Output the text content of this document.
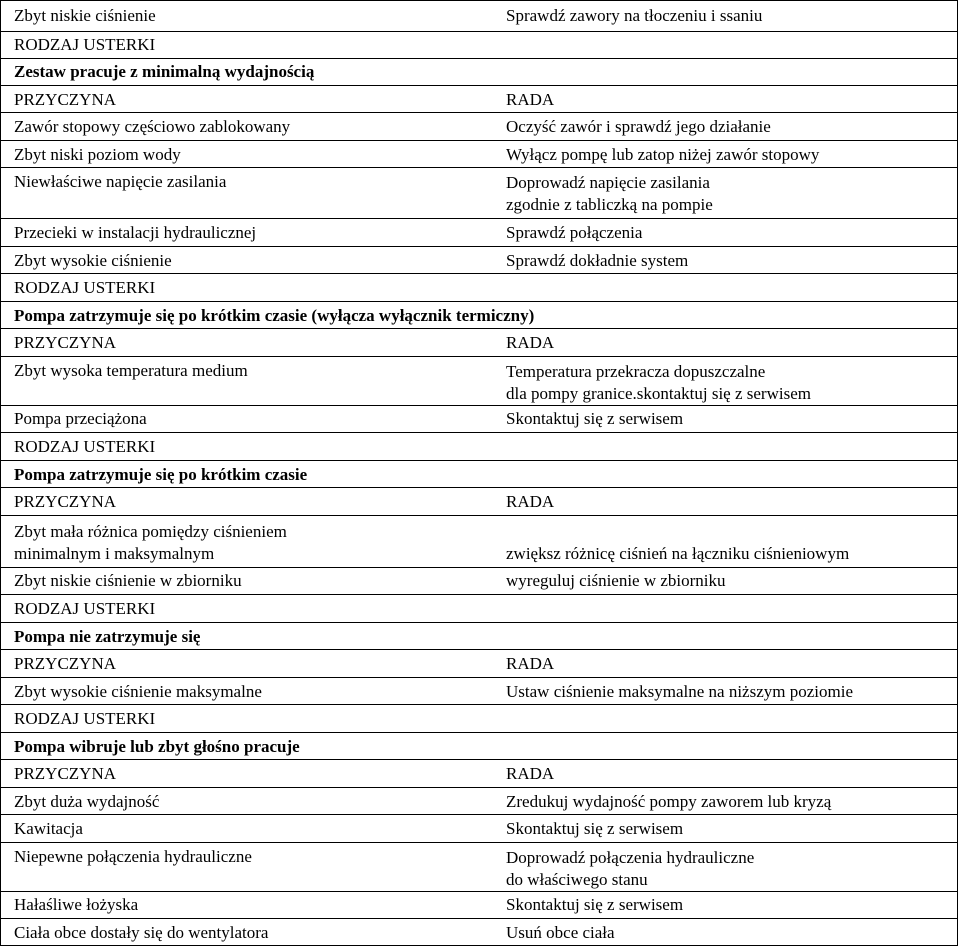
Zbyt niskie ciśnienie	Sprawdź zawory na tłoczeniu i ssaniu
RODZAJ USTERKI
Zestaw pracuje z minimalną wydajnością
PRZYCZYNA	RADA
Zawór stopowy częściowo zablokowany	Oczyść zawór i sprawdź jego działanie
Zbyt niski poziom wody	Wyłącz pompę lub zatop niżej zawór stopowy
Niewłaściwe napięcie zasilania	Doprowadź napięcie zasilania
zgodnie z tabliczką na pompie
Przecieki w instalacji hydraulicznej	Sprawdź połączenia
Zbyt wysokie ciśnienie	Sprawdź dokładnie system
RODZAJ USTERKI
Pompa zatrzymuje się po krótkim czasie (wyłącza wyłącznik termiczny)
PRZYCZYNA	RADA
Zbyt wysoka temperatura medium	Temperatura przekracza dopuszczalne
dla pompy granice.skontaktuj się z serwisem
Pompa przeciążona	Skontaktuj się z serwisem
RODZAJ USTERKI
Pompa zatrzymuje się po krótkim czasie
PRZYCZYNA	RADA
Zbyt mała różnica pomiędzy ciśnieniem
minimalnym i maksymalnym	zwiększ różnicę ciśnień na łączniku ciśnieniowym
Zbyt niskie ciśnienie w zbiorniku	wyreguluj ciśnienie w zbiorniku
RODZAJ USTERKI
Pompa nie zatrzymuje się
PRZYCZYNA	RADA
Zbyt wysokie ciśnienie maksymalne	Ustaw ciśnienie maksymalne na niższym poziomie
RODZAJ USTERKI
Pompa wibruje lub zbyt głośno pracuje
PRZYCZYNA	RADA
Zbyt duża wydajność	Zredukuj wydajność pompy zaworem lub kryzą
Kawitacja	Skontaktuj się z serwisem
Niepewne połączenia hydrauliczne	Doprowadź połączenia hydrauliczne
do właściwego stanu
Hałaśliwe łożyska	Skontaktuj się z serwisem
Ciała obce dostały się do wentylatora	Usuń obce ciała
